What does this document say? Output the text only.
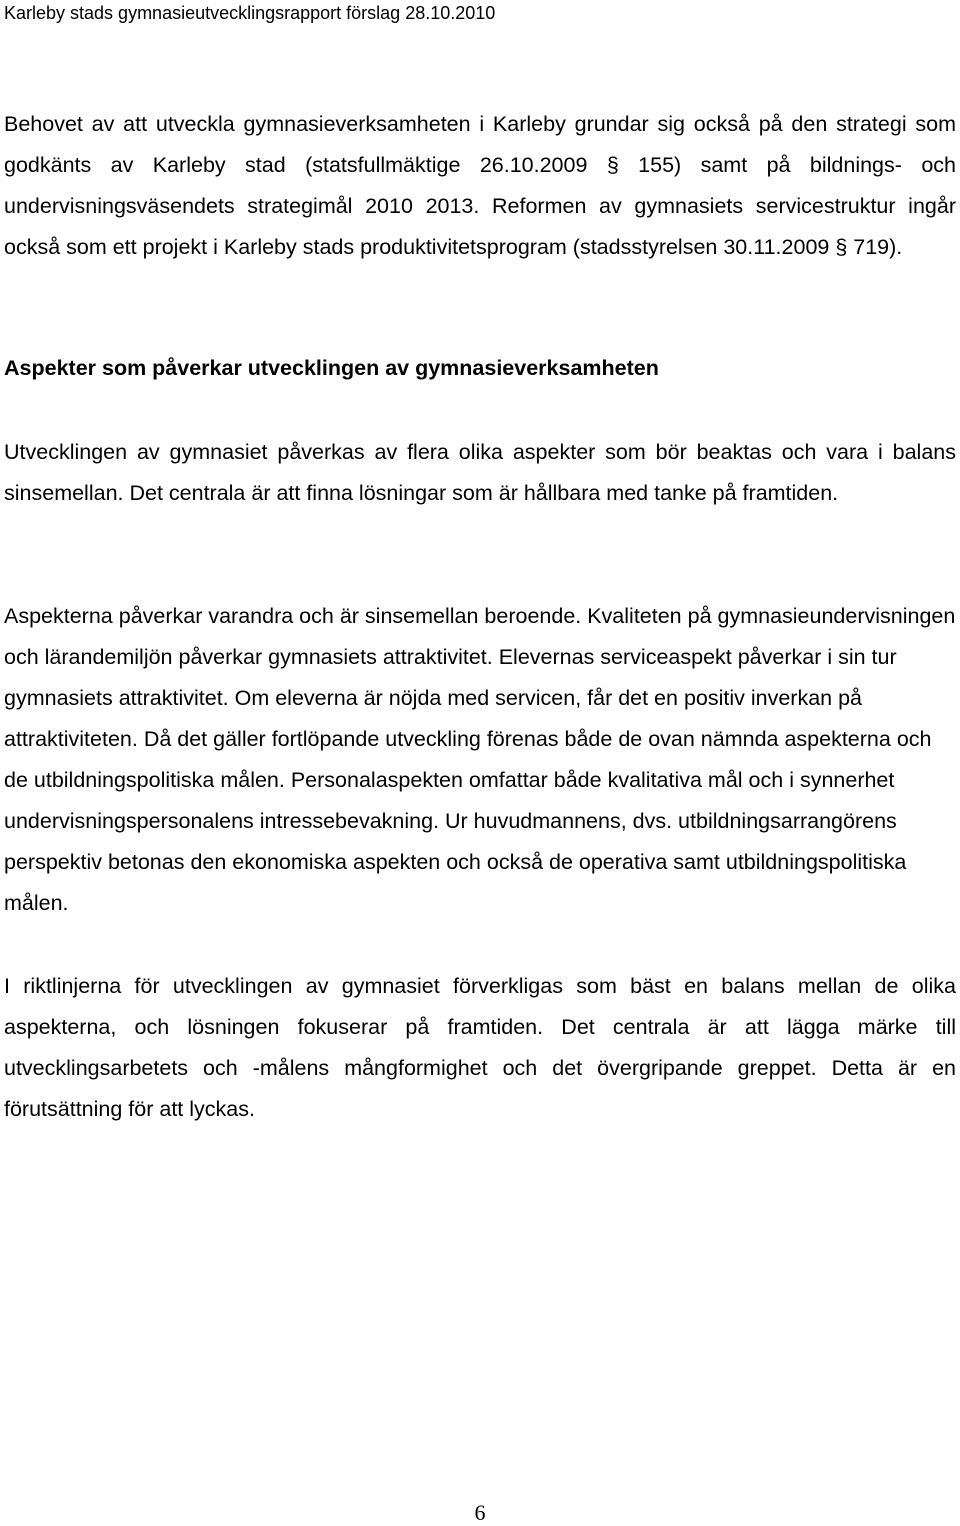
Karleby stads gymnasieutvecklingsrapport förslag 28.10.2010

Behovet av att utveckla gymnasieverksamheten i Karleby grundar sig också på den strategi som godkänts av Karleby stad (statsfullmäktige 26.10.2009 § 155) samt på bildnings- och undervisningsväsendets strategimål 2010 2013. Reformen av gymnasiets servicestruktur ingår också som ett projekt i Karleby stads produktivitetsprogram (stadsstyrelsen 30.11.2009 § 719).

Aspekter som påverkar utvecklingen av gymnasieverksamheten

Utvecklingen av gymnasiet påverkas av flera olika aspekter som bör beaktas och vara i balans sinsemellan. Det centrala är att finna lösningar som är hållbara med tanke på framtiden.

Aspekterna påverkar varandra och är sinsemellan beroende. Kvaliteten på gymnasieundervisningen och lärandemiljön påverkar gymnasiets attraktivitet. Elevernas serviceaspekt påverkar i sin tur gymnasiets attraktivitet. Om eleverna är nöjda med servicen, får det en positiv inverkan på attraktiviteten. Då det gäller fortlöpande utveckling förenas både de ovan nämnda aspekterna och de utbildningspolitiska målen. Personalaspekten omfattar både kvalitativa mål och i synnerhet undervisningspersonalens intressebevakning. Ur huvudmannens, dvs. utbildningsarrangörens perspektiv betonas den ekonomiska aspekten och också de operativa samt utbildningspolitiska målen.

I riktlinjerna för utvecklingen av gymnasiet förverkligas som bäst en balans mellan de olika aspekterna, och lösningen fokuserar på framtiden. Det centrala är att lägga märke till utvecklingsarbetets och -målens mångformighet och det övergripande greppet. Detta är en förutsättning för att lyckas.

6
